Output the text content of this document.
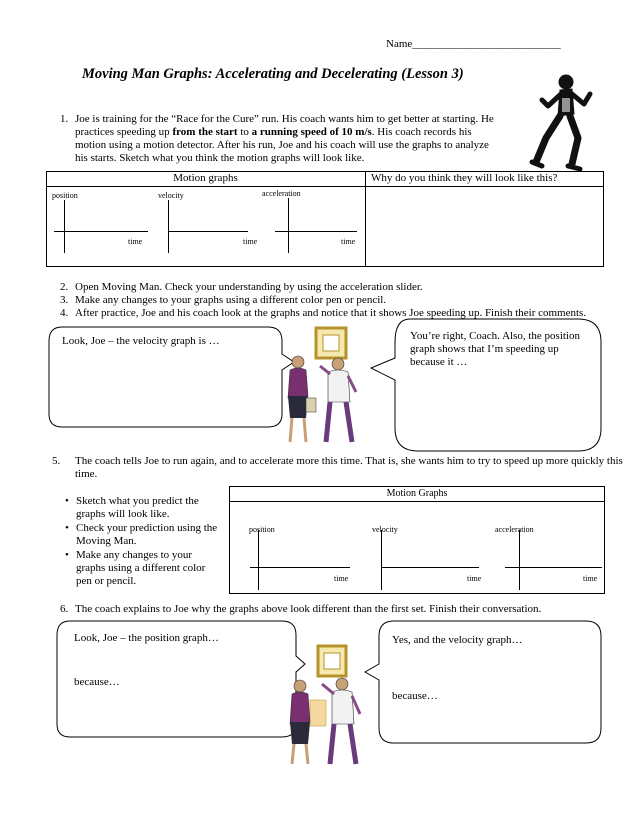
Name___________________________
Moving Man Graphs: Accelerating and Decelerating (Lesson 3)
1. Joe is training for the “Race for the Cure” run. His coach wants him to get better at starting. He practices speeding up from the start to a running speed of 10 m/s. His coach records his motion using a motion detector. After his run, Joe and his coach will use the graphs to analyze his starts. Sketch what you think the motion graphs will look like.
Motion graphs	Why do you think they will look like this?
position
time
velocity
time
acceleration
time
2. Open Moving Man. Check your understanding by using the acceleration slider.
3. Make any changes to your graphs using a different color pen or pencil.
4. After practice, Joe and his coach look at the graphs and notice that it shows Joe speeding up. Finish their comments.
Look, Joe – the velocity graph is …	You’re right, Coach. Also, the position graph shows that I’m speeding up because it …
5.	The coach tells Joe to run again, and to accelerate more this time. That is, she wants him to try to speed up more quickly this time.
• Sketch what you predict the graphs will look like.
• Check your prediction using the Moving Man.
• Make any changes to your graphs using a different color pen or pencil.
Motion Graphs
position
time
velocity
time
acceleration
time
6. The coach explains to Joe why the graphs above look different than the first set. Finish their conversation.
Look, Joe – the position graph…
because…
Yes, and the velocity graph…
because…
